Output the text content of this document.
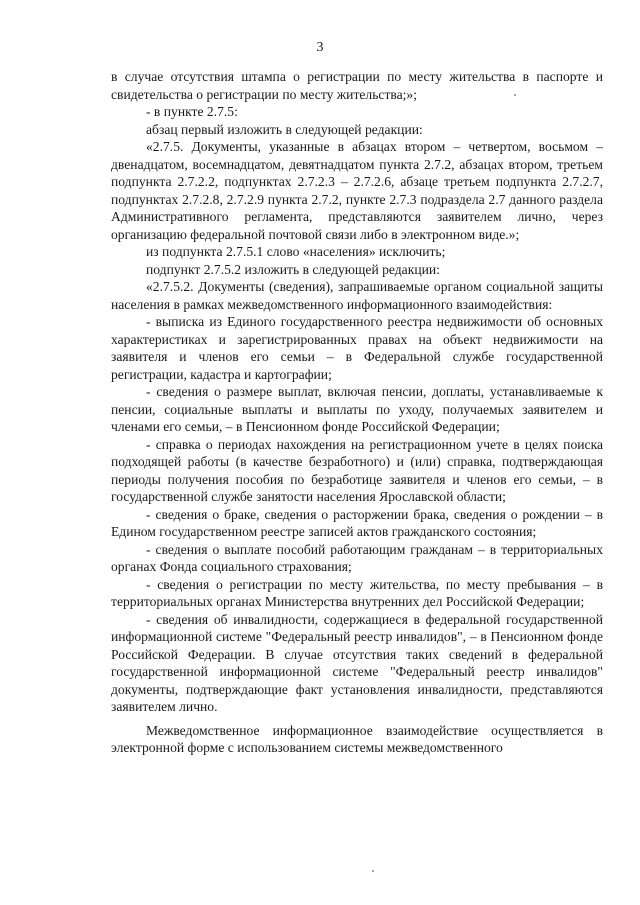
3

в случае отсутствия штампа о регистрации по месту жительства в паспорте и свидетельства о регистрации по месту жительства;»;

- в пункте 2.7.5:

абзац первый изложить в следующей редакции:

«2.7.5. Документы, указанные в абзацах втором – четвертом, восьмом – двенадцатом, восемнадцатом, девятнадцатом пункта 2.7.2, абзацах втором, третьем подпункта 2.7.2.2, подпунктах 2.7.2.3 – 2.7.2.6, абзаце третьем подпункта 2.7.2.7, подпунктах 2.7.2.8, 2.7.2.9 пункта 2.7.2, пункте 2.7.3 подраздела 2.7 данного раздела Административного регламента, представляются заявителем лично, через организацию федеральной почтовой связи либо в электронном виде.»;

из подпункта 2.7.5.1 слово «населения» исключить;

подпункт 2.7.5.2 изложить в следующей редакции:

«2.7.5.2. Документы (сведения), запрашиваемые органом социальной защиты населения в рамках межведомственного информационного взаимодействия:

- выписка из Единого государственного реестра недвижимости об основных характеристиках и зарегистрированных правах на объект недвижимости на заявителя и членов его семьи – в Федеральной службе государственной регистрации, кадастра и картографии;

- сведения о размере выплат, включая пенсии, доплаты, устанавливаемые к пенсии, социальные выплаты и выплаты по уходу, получаемых заявителем и членами его семьи, – в Пенсионном фонде Российской Федерации;

- справка о периодах нахождения на регистрационном учете в целях поиска подходящей работы (в качестве безработного) и (или) справка, подтверждающая периоды получения пособия по безработице заявителя и членов его семьи, – в государственной службе занятости населения Ярославской области;

- сведения о браке, сведения о расторжении брака, сведения о рождении – в Едином государственном реестре записей актов гражданского состояния;

- сведения о выплате пособий работающим гражданам – в территориальных органах Фонда социального страхования;

- сведения о регистрации по месту жительства, по месту пребывания – в территориальных органах Министерства внутренних дел Российской Федерации;

- сведения об инвалидности, содержащиеся в федеральной государственной информационной системе "Федеральный реестр инвалидов", – в Пенсионном фонде Российской Федерации. В случае отсутствия таких сведений в федеральной государственной информационной системе "Федеральный реестр инвалидов" документы, подтверждающие факт установления инвалидности, представляются заявителем лично.

Межведомственное информационное взаимодействие осуществляется в электронной форме с использованием системы межведомственного
